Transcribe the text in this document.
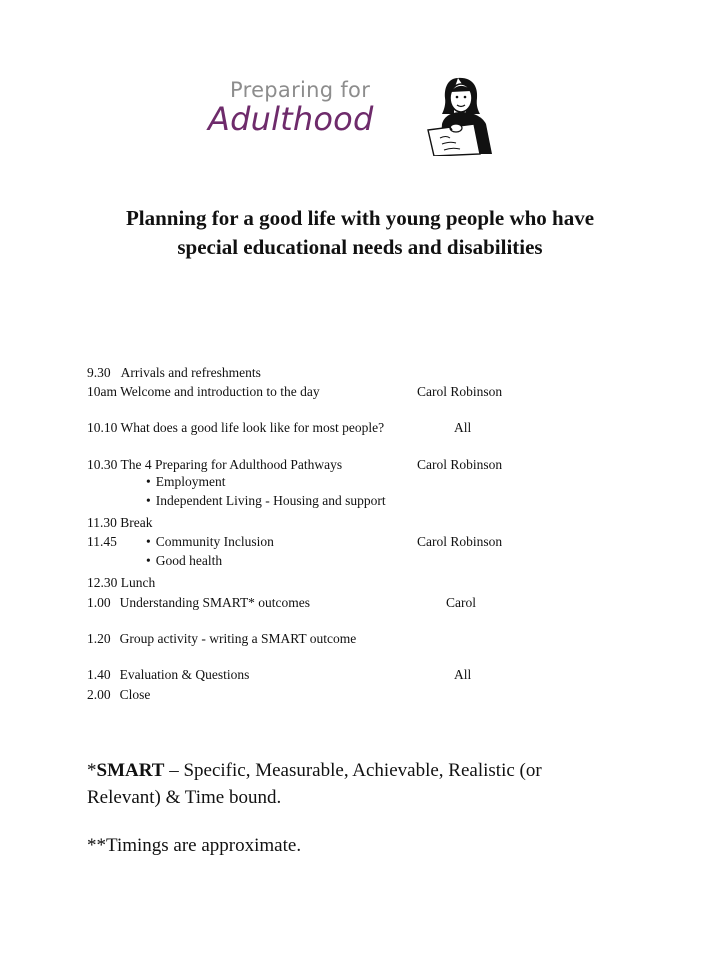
Preparing for
Adulthood
Planning for a good life with young people who have
special educational needs and disabilities
9.30 Arrivals and refreshments
10am Welcome and introduction to the day	Carol Robinson
10.10 What does a good life look like for most people?	All
10.30 The 4 Preparing for Adulthood Pathways	Carol Robinson
• Employment
• Independent Living - Housing and support
11.30 Break
11.45
•	Community Inclusion	Carol Robinson
• Good health
12.30 Lunch
1.00 Understanding SMART* outcomes	Carol
1.20 Group activity - writing a SMART outcome
1.40 Evaluation & Questions	All
2.00 Close
*SMART – Specific, Measurable, Achievable, Realistic (or
Relevant) & Time bound.
**Timings are approximate.
